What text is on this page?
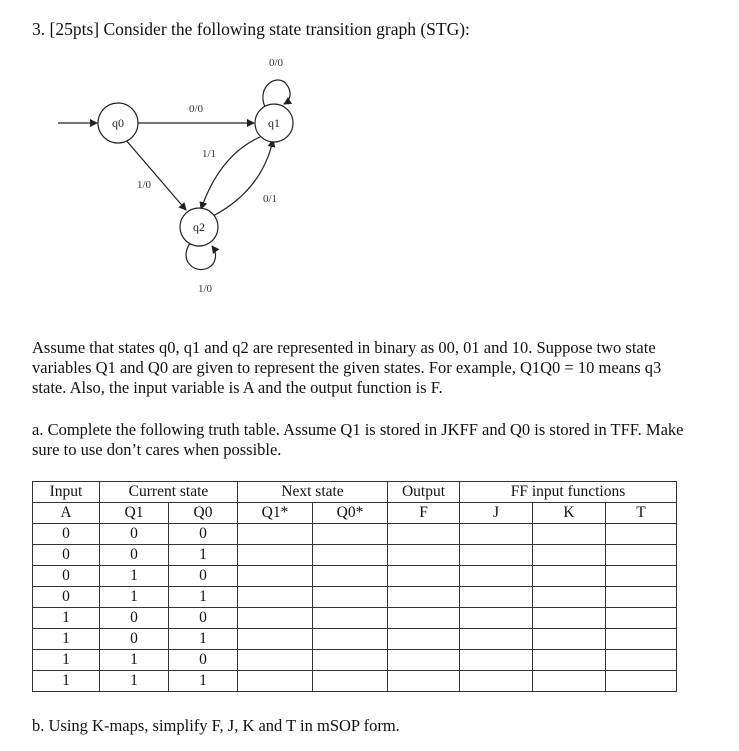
3. [25pts] Consider the following state transition graph (STG):
q0	q1
q2
0/0
0/0
1/1
1/0
0/1
1/0

Assume that states q0, q1 and q2 are represented in binary as 00, 01 and 10. Suppose two state variables Q1 and Q0 are given to represent the given states. For example, Q1Q0 = 10 means q3 state. Also, the input variable is A and the output function is F.

a. Complete the following truth table. Assume Q1 is stored in JKFF and Q0 is stored in TFF. Make sure to use don’t cares when possible.

Input	Current state		Next state		Output	FF input functions		
A	Q1	Q0	Q1*	Q0*	F	J	K	T
0	0	0						
0	0	1						
0	1	0						
0	1	1						
1	0	0						
1	0	1						
1	1	0						
1	1	1						
b. Using K-maps, simplify F, J, K and T in mSOP form.
